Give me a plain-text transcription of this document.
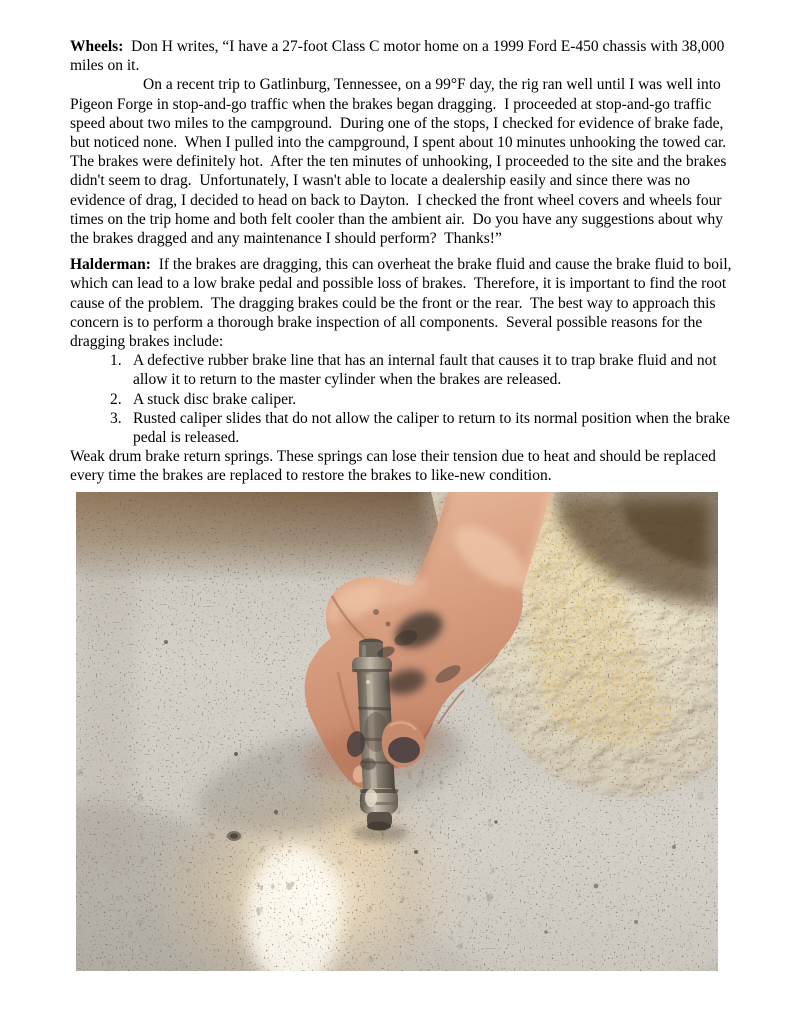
Wheels:  Don H writes, “I have a 27-foot Class C motor home on a 1999 Ford E-450 chassis with 38,000 miles on it.

On a recent trip to Gatlinburg, Tennessee, on a 99°F day, the rig ran well until I was well into Pigeon Forge in stop-and-go traffic when the brakes began dragging.  I proceeded at stop-and-go traffic speed about two miles to the campground.  During one of the stops, I checked for evidence of brake fade, but noticed none.  When I pulled into the campground, I spent about 10 minutes unhooking the towed car.  The brakes were definitely hot.  After the ten minutes of unhooking, I proceeded to the site and the brakes didn't seem to drag.  Unfortunately, I wasn't able to locate a dealership easily and since there was no evidence of drag, I decided to head on back to Dayton.  I checked the front wheel covers and wheels four times on the trip home and both felt cooler than the ambient air.  Do you have any suggestions about why the brakes dragged and any maintenance I should perform?  Thanks!”

Halderman:  If the brakes are dragging, this can overheat the brake fluid and cause the brake fluid to boil, which can lead to a low brake pedal and possible loss of brakes.  Therefore, it is important to find the root cause of the problem.  The dragging brakes could be the front or the rear.  The best way to approach this concern is to perform a thorough brake inspection of all components.  Several possible reasons for the dragging brakes include:

1. A defective rubber brake line that has an internal fault that causes it to trap brake fluid and not allow it to return to the master cylinder when the brakes are released.
2. A stuck disc brake caliper.
3. Rusted caliper slides that do not allow the caliper to return to its normal position when the brake pedal is released.

Weak drum brake return springs. These springs can lose their tension due to heat and should be replaced every time the brakes are replaced to restore the brakes to like-new condition.
